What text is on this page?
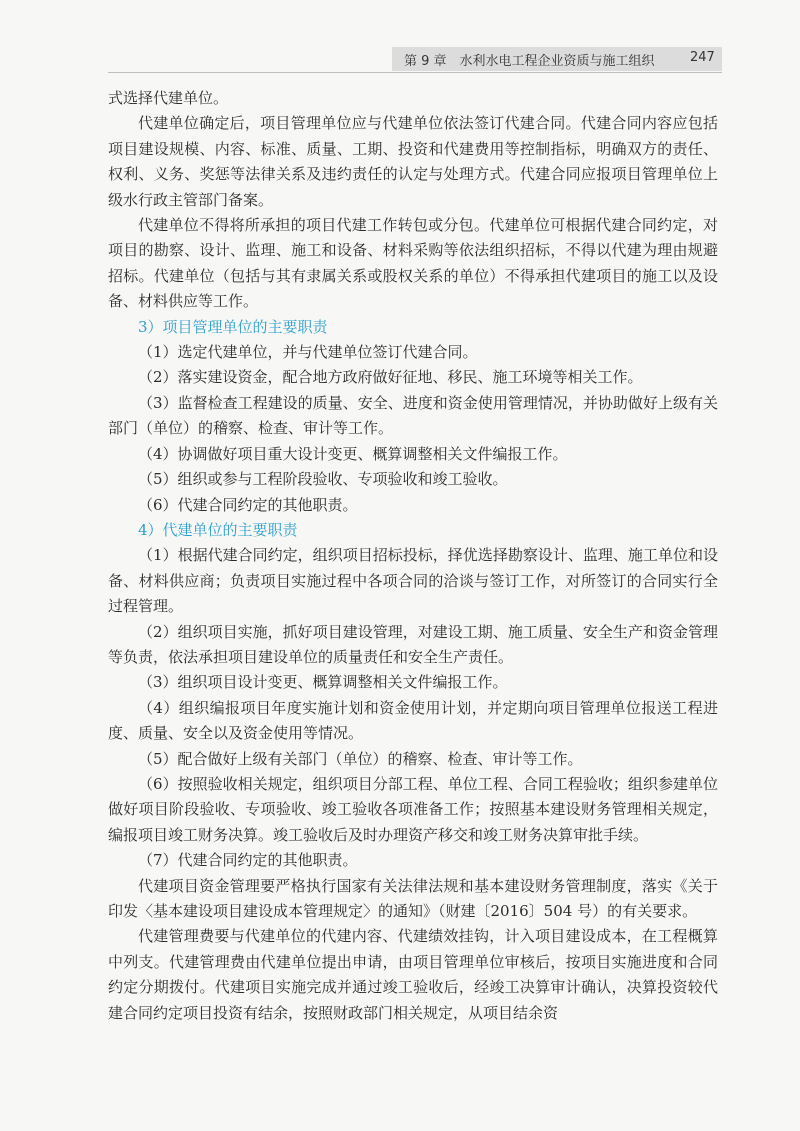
第 9 章　水利水电工程企业资质与施工组织	247

式选择代建单位。

代建单位确定后，项目管理单位应与代建单位依法签订代建合同。代建合同内容应包括项目建设规模、内容、标准、质量、工期、投资和代建费用等控制指标，明确双方的责任、权利、义务、奖惩等法律关系及违约责任的认定与处理方式。代建合同应报项目管理单位上级水行政主管部门备案。

代建单位不得将所承担的项目代建工作转包或分包。代建单位可根据代建合同约定，对项目的勘察、设计、监理、施工和设备、材料采购等依法组织招标，不得以代建为理由规避招标。代建单位（包括与其有隶属关系或股权关系的单位）不得承担代建项目的施工以及设备、材料供应等工作。

3）项目管理单位的主要职责

（1）选定代建单位，并与代建单位签订代建合同。

（2）落实建设资金，配合地方政府做好征地、移民、施工环境等相关工作。

（3）监督检查工程建设的质量、安全、进度和资金使用管理情况，并协助做好上级有关部门（单位）的稽察、检查、审计等工作。

（4）协调做好项目重大设计变更、概算调整相关文件编报工作。

（5）组织或参与工程阶段验收、专项验收和竣工验收。

（6）代建合同约定的其他职责。

4）代建单位的主要职责

（1）根据代建合同约定，组织项目招标投标，择优选择勘察设计、监理、施工单位和设备、材料供应商；负责项目实施过程中各项合同的洽谈与签订工作，对所签订的合同实行全过程管理。

（2）组织项目实施，抓好项目建设管理，对建设工期、施工质量、安全生产和资金管理等负责，依法承担项目建设单位的质量责任和安全生产责任。

（3）组织项目设计变更、概算调整相关文件编报工作。

（4）组织编报项目年度实施计划和资金使用计划，并定期向项目管理单位报送工程进度、质量、安全以及资金使用等情况。

（5）配合做好上级有关部门（单位）的稽察、检查、审计等工作。

（6）按照验收相关规定，组织项目分部工程、单位工程、合同工程验收；组织参建单位做好项目阶段验收、专项验收、竣工验收各项准备工作；按照基本建设财务管理相关规定，编报项目竣工财务决算。竣工验收后及时办理资产移交和竣工财务决算审批手续。

（7）代建合同约定的其他职责。

代建项目资金管理要严格执行国家有关法律法规和基本建设财务管理制度，落实《关于印发〈基本建设项目建设成本管理规定〉的通知》（财建〔2016〕504 号）的有关要求。

代建管理费要与代建单位的代建内容、代建绩效挂钩，计入项目建设成本，在工程概算中列支。代建管理费由代建单位提出申请，由项目管理单位审核后，按项目实施进度和合同约定分期拨付。代建项目实施完成并通过竣工验收后，经竣工决算审计确认，决算投资较代建合同约定项目投资有结余，按照财政部门相关规定，从项目结余资
